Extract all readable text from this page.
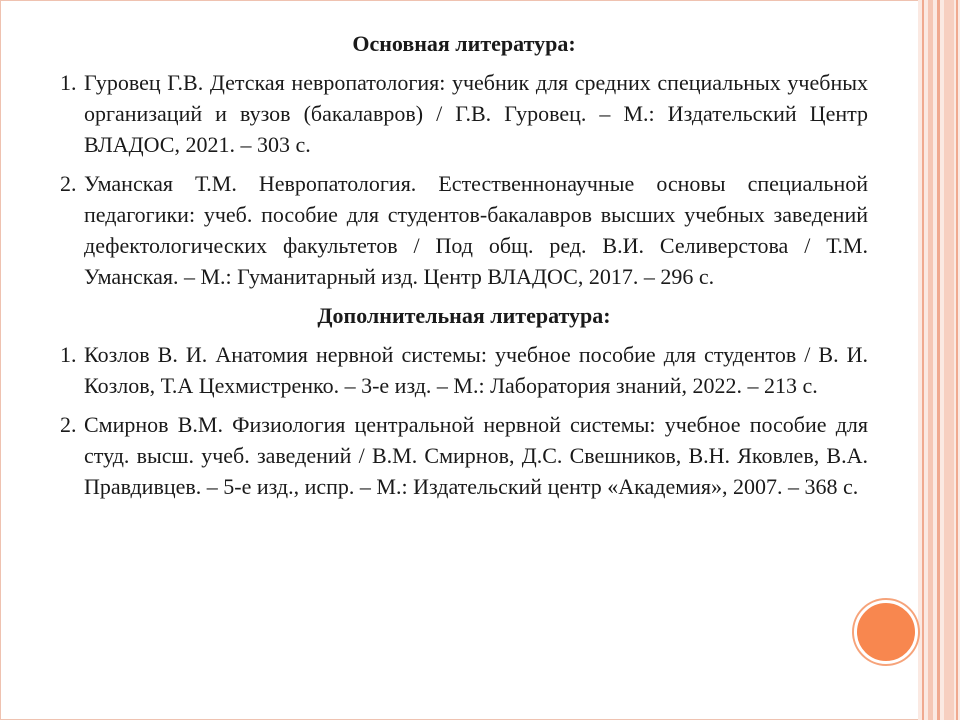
Основная литература:
1. Гуровец Г.В. Детская невропатология: учебник для средних специальных учебных организаций и вузов (бакалавров) / Г.В. Гуровец. – М.: Издательский Центр ВЛАДОС, 2021. – 303 с.
2. Уманская Т.М. Невропатология. Естественнонаучные основы специальной педагогики: учеб. пособие для студентов-бакалавров высших учебных заведений дефектологических факультетов / Под общ. ред. В.И. Селиверстова / Т.М. Уманская. – М.: Гуманитарный изд. Центр ВЛАДОС, 2017. – 296 с.
Дополнительная литература:
1. Козлов В. И. Анатомия нервной системы: учебное пособие для студентов / В. И. Козлов, Т.А Цехмистренко. – 3-е изд. – М.: Лаборатория знаний, 2022. – 213 с.
2. Смирнов В.М. Физиология центральной нервной системы: учебное пособие для студ. высш. учеб. заведений / В.М. Смирнов, Д.С. Свешников, В.Н. Яковлев, В.А. Правдивцев. – 5-е изд., испр. – М.: Издательский центр «Академия», 2007. – 368 с.
